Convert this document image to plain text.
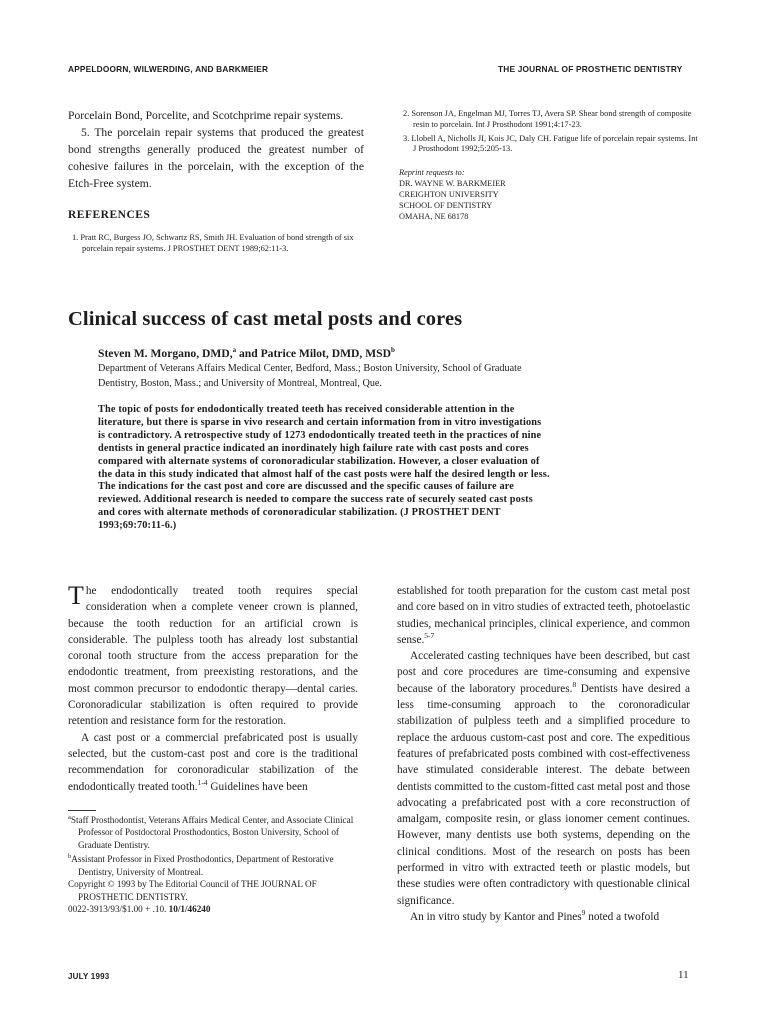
APPELDOORN, WILWERDING, AND BARKMEIER	THE JOURNAL OF PROSTHETIC DENTISTRY

Porcelain Bond, Porcelite, and Scotchprime repair systems.

5. The porcelain repair systems that produced the greatest bond strengths generally produced the greatest number of cohesive failures in the porcelain, with the exception of the Etch-Free system.

REFERENCES
1. Pratt RC, Burgess JO, Schwartz RS, Smith JH. Evaluation of bond strength of six porcelain repair systems. J PROSTHET DENT 1989;62:11-3.
2. Sorenson JA, Engelman MJ, Torres TJ, Avera SP. Shear bond strength of composite resin to porcelain. Int J Prosthodont 1991;4:17-23.
3. Llobell A, Nicholls JI, Kois JC, Daly CH. Fatigue life of porcelain repair systems. Int J Prosthodont 1992;5:205-13.
Reprint requests to:
DR. WAYNE W. BARKMEIER
CREIGHTON UNIVERSITY
SCHOOL OF DENTISTRY
OMAHA, NE 68178
Clinical success of cast metal posts and cores
Steven M. Morgano, DMD,$^a$ and Patrice Milot, DMD, MSD$^b$
Department of Veterans Affairs Medical Center, Bedford, Mass.; Boston University, School of Graduate Dentistry, Boston, Mass.; and University of Montreal, Montreal, Que.
The topic of posts for endodontically treated teeth has received considerable attention in the literature, but there is sparse in vivo research and certain information from in vitro investigations is contradictory. A retrospective study of 1273 endodontically treated teeth in the practices of nine dentists in general practice indicated an inordinately high failure rate with cast posts and cores compared with alternate systems of coronoradicular stabilization. However, a closer evaluation of the data in this study indicated that almost half of the cast posts were half the desired length or less. The indications for the cast post and core are discussed and the specific causes of failure are reviewed. Additional research is needed to compare the success rate of securely seated cast posts and cores with alternate methods of coronoradicular stabilization. (J PROSTHET DENT 1993;69:70:11-6.)

The endodontically treated tooth requires special consideration when a complete veneer crown is planned, because the tooth reduction for an artificial crown is considerable. The pulpless tooth has already lost substantial coronal tooth structure from the access preparation for the endodontic treatment, from preexisting restorations, and the most common precursor to endodontic therapy—dental caries. Coronoradicular stabilization is often required to provide retention and resistance form for the restoration.

A cast post or a commercial prefabricated post is usually selected, but the custom-cast post and core is the traditional recommendation for coronoradicular stabilization of the endodontically treated tooth.$^{1-4}$ Guidelines have been

established for tooth preparation for the custom cast metal post and core based on in vitro studies of extracted teeth, photoelastic studies, mechanical principles, clinical experience, and common sense.$^{5-7}$

Accelerated casting techniques have been described, but cast post and core procedures are time-consuming and expensive because of the laboratory procedures.$^8$ Dentists have desired a less time-consuming approach to the coronoradicular stabilization of pulpless teeth and a simplified procedure to replace the arduous custom-cast post and core. The expeditious features of prefabricated posts combined with cost-effectiveness have stimulated considerable interest. The debate between dentists committed to the custom-fitted cast metal post and those advocating a prefabricated post with a core reconstruction of amalgam, composite resin, or glass ionomer cement continues. However, many dentists use both systems, depending on the clinical conditions. Most of the research on posts has been performed in vitro with extracted teeth or plastic models, but these studies were often contradictory with questionable clinical significance.

An in vitro study by Kantor and Pines$^9$ noted a twofold

$^a$Staff Prosthodontist, Veterans Affairs Medical Center, and Associate Clinical Professor of Postdoctoral Prosthodontics, Boston University, School of Graduate Dentistry.
$^b$Assistant Professor in Fixed Prosthodontics, Department of Restorative Dentistry, University of Montreal.
Copyright © 1993 by The Editorial Council of THE JOURNAL OF PROSTHETIC DENTISTRY.
0022-3913/93/$1.00 + .10. 10/1/46240
JULY 1993	11
